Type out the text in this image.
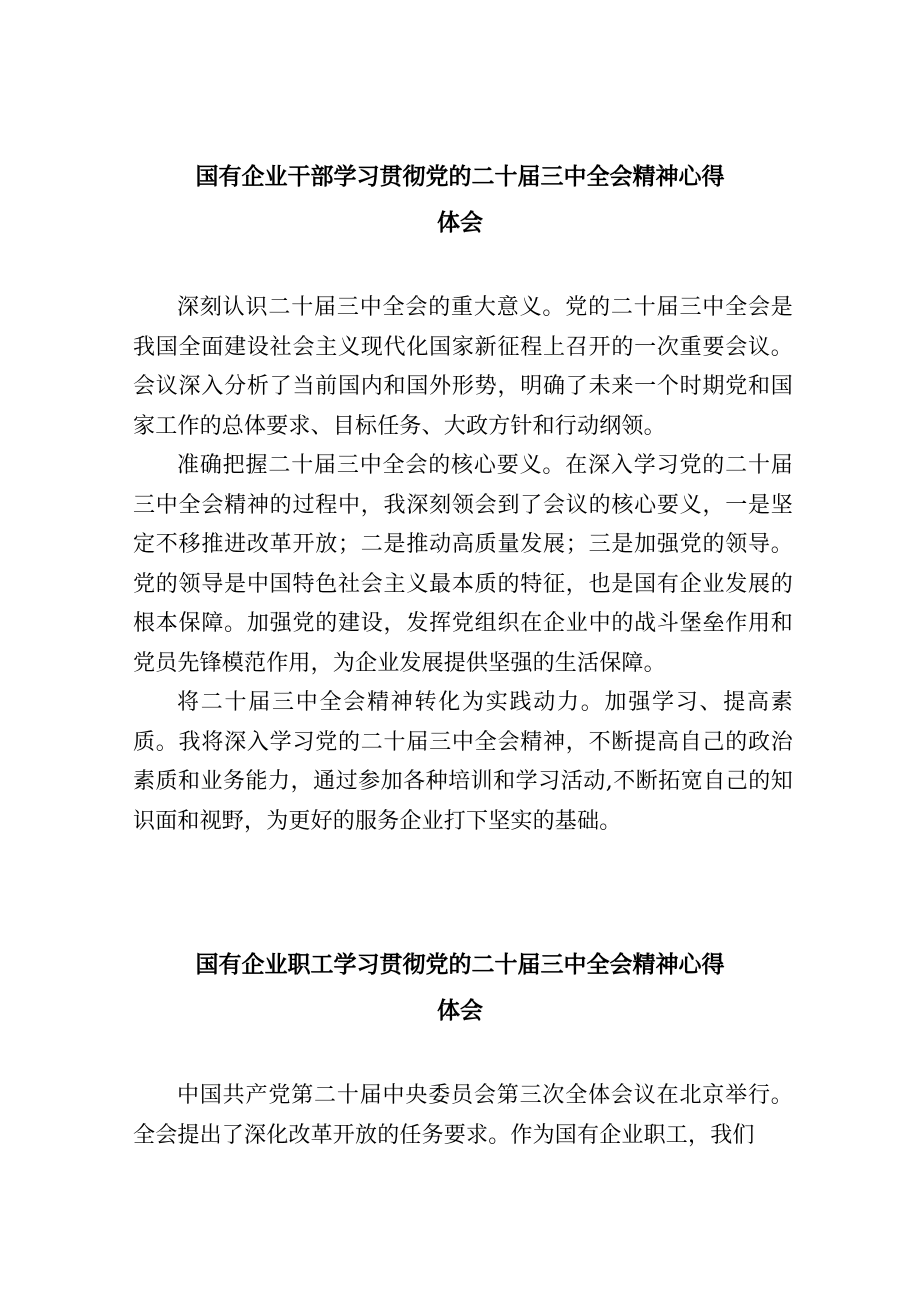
国有企业干部学习贯彻党的二十届三中全会精神心得
体会

深刻认识二十届三中全会的重大意义。党的二十届三中全会是我国全面建设社会主义现代化国家新征程上召开的一次重要会议。会议深入分析了当前国内和国外形势，明确了未来一个时期党和国家工作的总体要求、目标任务、大政方针和行动纲领。

准确把握二十届三中全会的核心要义。在深入学习党的二十届三中全会精神的过程中，我深刻领会到了会议的核心要义，一是坚定不移推进改革开放；二是推动高质量发展；三是加强党的领导。党的领导是中国特色社会主义最本质的特征，也是国有企业发展的根本保障。加强党的建设，发挥党组织在企业中的战斗堡垒作用和党员先锋模范作用，为企业发展提供坚强的生活保障。

将二十届三中全会精神转化为实践动力。加强学习、提高素质。我将深入学习党的二十届三中全会精神，不断提高自己的政治素质和业务能力，通过参加各种培训和学习活动,不断拓宽自己的知识面和视野，为更好的服务企业打下坚实的基础。

国有企业职工学习贯彻党的二十届三中全会精神心得
体会

中国共产党第二十届中央委员会第三次全体会议在北京举行。全会提出了深化改革开放的任务要求。作为国有企业职工，我们
